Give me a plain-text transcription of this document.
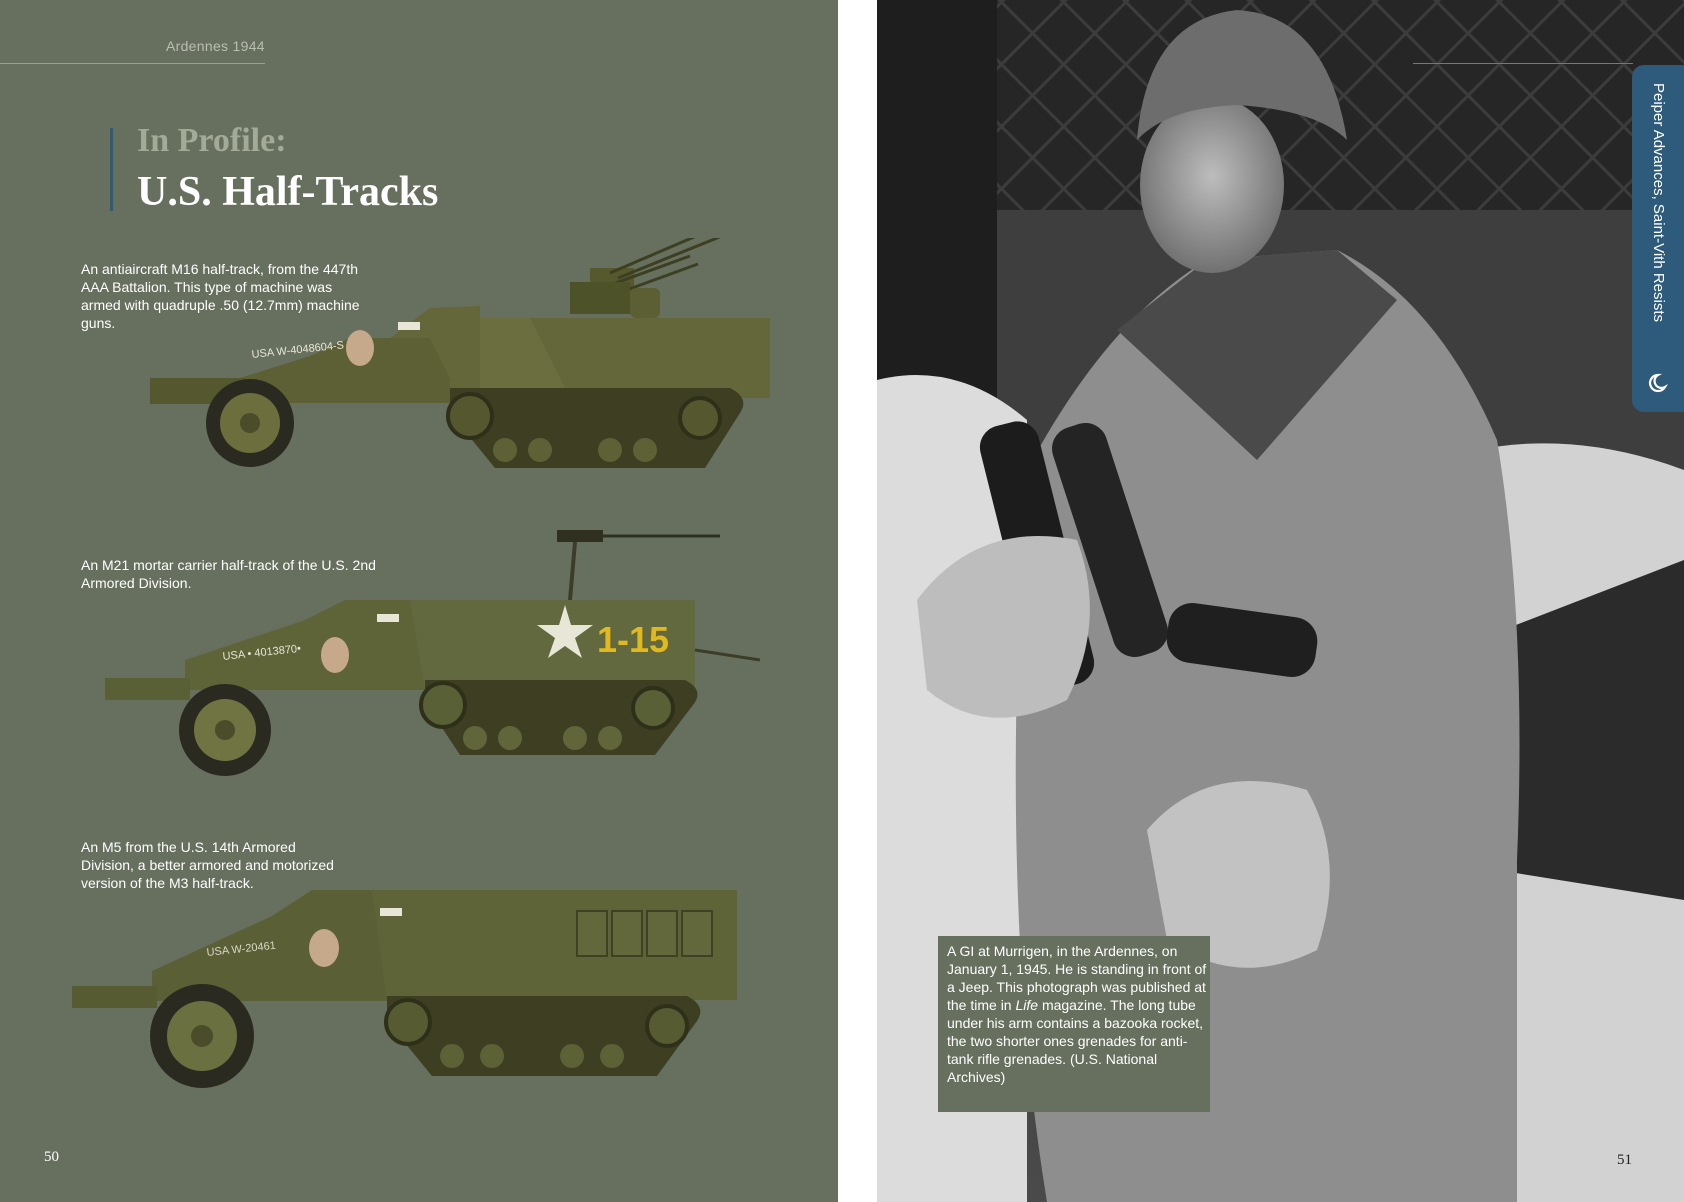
Ardennes 1944
In Profile:
U.S. Half-Tracks
An antiaircraft M16 half-track, from the 447th AAA Battalion. This type of machine was armed with quadruple .50 (12.7mm) machine guns.
An M21 mortar carrier half-track of the U.S. 2nd Armored Division.
An M5 from the U.S. 14th Armored Division, a better armored and motorized version of the M3 half-track.
USA W-4048604-S
USA • 4013870•	1-15
USA W-20461
50	51
Peiper Advances, Saint-Vith Resists
A GI at Murrigen, in the Ardennes, on January 1, 1945. He is standing in front of a Jeep. This photograph was published at the time in Life magazine. The long tube under his arm contains a bazooka rocket, the two shorter ones grenades for anti-tank rifle grenades. (U.S. National Archives)
